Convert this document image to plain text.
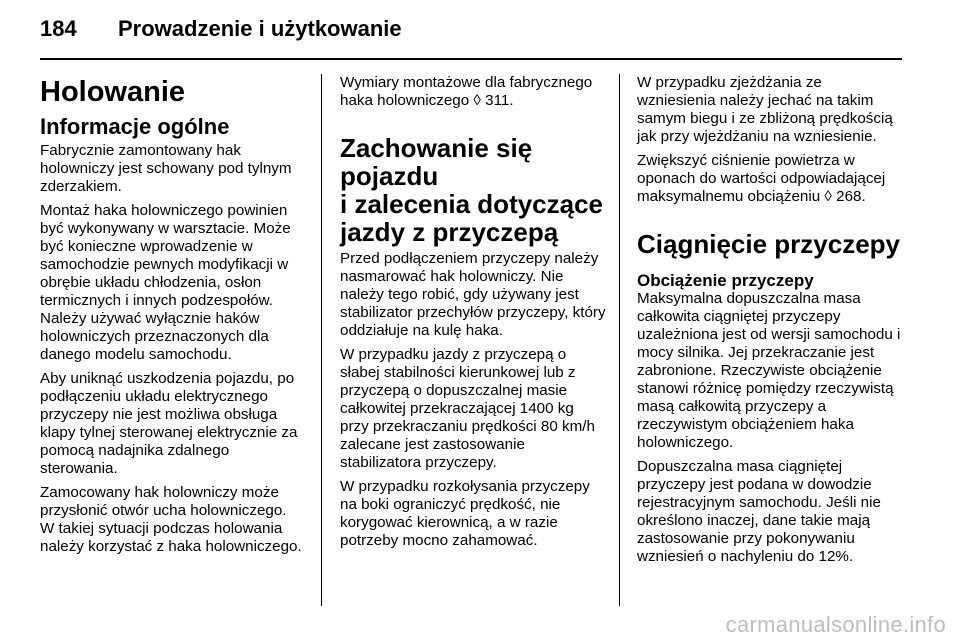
184 Prowadzenie i użytkowanie
Holowanie
Informacje ogólne

Fabrycznie zamontowany hak holowniczy jest schowany pod tylnym zderzakiem.

Montaż haka holowniczego powinien być wykonywany w warsztacie. Może być konieczne wprowadzenie w samochodzie pewnych modyfikacji w obrębie układu chłodzenia, osłon termicznych i innych podzespołów. Należy używać wyłącznie haków holowniczych przeznaczonych dla danego modelu samochodu.

Aby uniknąć uszkodzenia pojazdu, po podłączeniu układu elektrycznego przyczepy nie jest możliwa obsługa klapy tylnej sterowanej elektrycznie za pomocą nadajnika zdalnego sterowania.

Zamocowany hak holowniczy może przysłonić otwór ucha holowniczego. W takiej sytuacji podczas holowania należy korzystać z haka holowniczego.

Wymiary montażowe dla fabrycznego haka holowniczego ◊ 311.

Zachowanie się pojazdu
i zalecenia dotyczące
jazdy z przyczepą

Przed podłączeniem przyczepy należy nasmarować hak holowniczy. Nie należy tego robić, gdy używany jest stabilizator przechyłów przyczepy, który oddziałuje na kulę haka.

W przypadku jazdy z przyczepą o słabej stabilności kierunkowej lub z przyczepą o dopuszczalnej masie całkowitej przekraczającej 1400 kg przy przekraczaniu prędkości 80 km/h zalecane jest zastosowanie stabilizatora przyczepy.

W przypadku rozkołysania przyczepy na boki ograniczyć prędkość, nie korygować kierownicą, a w razie potrzeby mocno zahamować.

W przypadku zjeżdżania ze wzniesienia należy jechać na takim samym biegu i ze zbliżoną prędkością jak przy wjeżdżaniu na wzniesienie.

Zwiększyć ciśnienie powietrza w oponach do wartości odpowiadającej maksymalnemu obciążeniu ◊ 268.

Ciągnięcie przyczepy
Obciążenie przyczepy

Maksymalna dopuszczalna masa całkowita ciągniętej przyczepy uzależniona jest od wersji samochodu i mocy silnika. Jej przekraczanie jest zabronione. Rzeczywiste obciążenie stanowi różnicę pomiędzy rzeczywistą masą całkowitą przyczepy a rzeczywistym obciążeniem haka holowniczego.

Dopuszczalna masa ciągniętej przyczepy jest podana w dowodzie rejestracyjnym samochodu. Jeśli nie określono inaczej, dane takie mają zastosowanie przy pokonywaniu wzniesień o nachyleniu do 12%.

carmanualsonline.info
